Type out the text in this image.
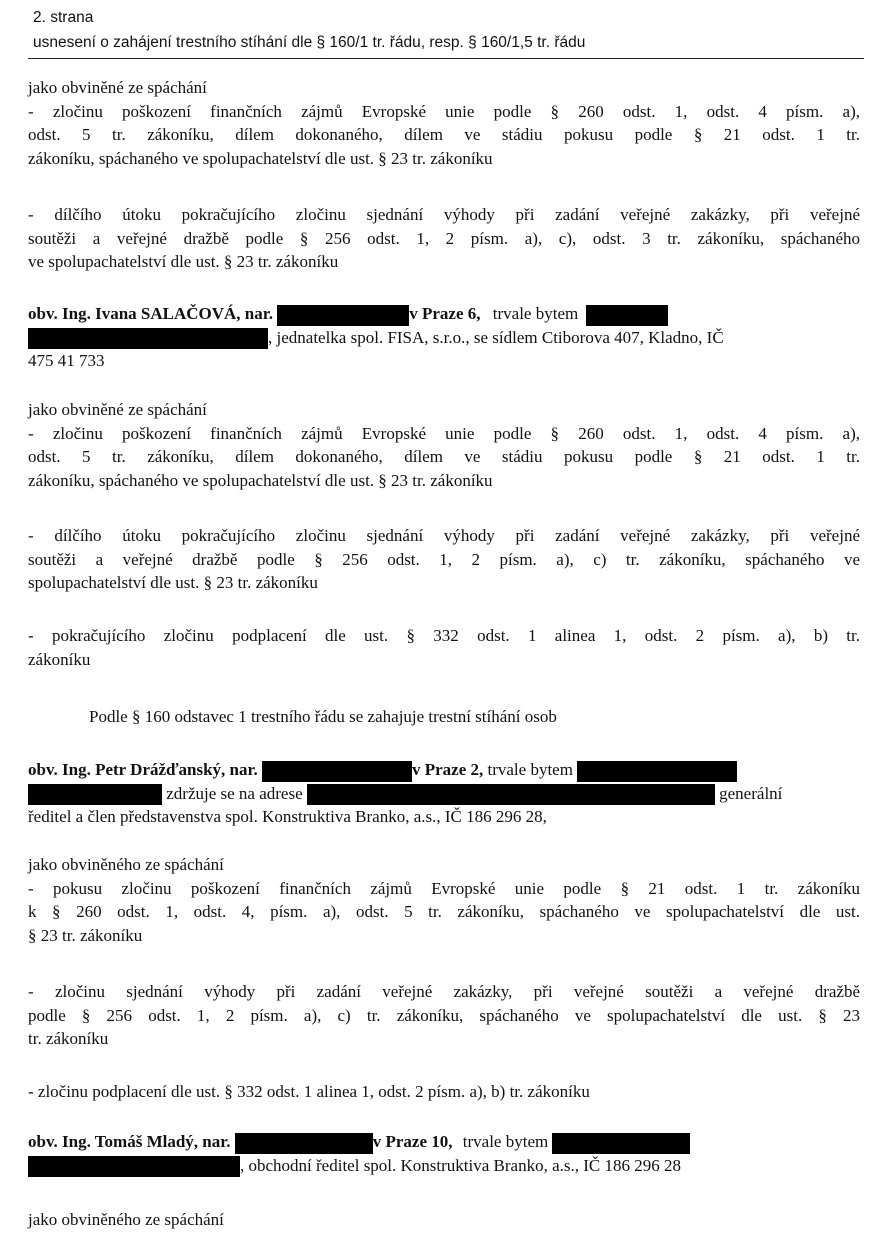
2. strana
usnesení o zahájení trestního stíhání dle § 160/1 tr. řádu, resp. § 160/1,5 tr. řádu
jako obviněné ze spáchání
- zločinu poškození finančních zájmů Evropské unie podle § 260 odst. 1, odst. 4 písm. a),
odst. 5 tr. zákoníku, dílem dokonaného, dílem ve stádiu pokusu podle § 21 odst. 1 tr.
zákoníku, spáchaného ve spolupachatelství dle ust. § 23 tr. zákoníku
- dílčího útoku pokračujícího zločinu sjednání výhody při zadání veřejné zakázky, při veřejné
soutěži a veřejné dražbě podle § 256 odst. 1, 2 písm. a), c), odst. 3 tr. zákoníku, spáchaného
ve spolupachatelství dle ust. § 23 tr. zákoníku
obv. Ing. Ivana SALAČOVÁ, nar.	v Praze 6, trvale bytem
, jednatelka spol. FISA, s.r.o., se sídlem Ctiborova 407, Kladno, IČ
475 41 733
jako obviněné ze spáchání
- zločinu poškození finančních zájmů Evropské unie podle § 260 odst. 1, odst. 4 písm. a),
odst. 5 tr. zákoníku, dílem dokonaného, dílem ve stádiu pokusu podle § 21 odst. 1 tr.
zákoníku, spáchaného ve spolupachatelství dle ust. § 23 tr. zákoníku
- dílčího útoku pokračujícího zločinu sjednání výhody při zadání veřejné zakázky, při veřejné
soutěži a veřejné dražbě podle § 256 odst. 1, 2 písm. a), c) tr. zákoníku, spáchaného ve
spolupachatelství dle ust. § 23 tr. zákoníku
- pokračujícího zločinu podplacení dle ust. § 332 odst. 1 alinea 1, odst. 2 písm. a), b) tr.
zákoníku
Podle § 160 odstavec 1 trestního řádu se zahajuje trestní stíhání osob
obv. Ing. Petr Drážďanský, nar.	v Praze 2, trvale bytem
zdržuje se na adrese	generální
ředitel a člen představenstva spol. Konstruktiva Branko, a.s., IČ 186 296 28,
jako obviněného ze spáchání
- pokusu zločinu poškození finančních zájmů Evropské unie podle § 21 odst. 1 tr. zákoníku
k § 260 odst. 1, odst. 4, písm. a), odst. 5 tr. zákoníku, spáchaného ve spolupachatelství dle ust.
§ 23 tr. zákoníku
- zločinu sjednání výhody při zadání veřejné zakázky, při veřejné soutěži a veřejné dražbě
podle § 256 odst. 1, 2 písm. a), c) tr. zákoníku, spáchaného ve spolupachatelství dle ust. § 23
tr. zákoníku
- zločinu podplacení dle ust. § 332 odst. 1 alinea 1, odst. 2 písm. a), b) tr. zákoníku
obv. Ing. Tomáš Mladý, nar.	v Praze 10, trvale bytem
, obchodní ředitel spol. Konstruktiva Branko, a.s., IČ 186 296 28
jako obviněného ze spáchání
